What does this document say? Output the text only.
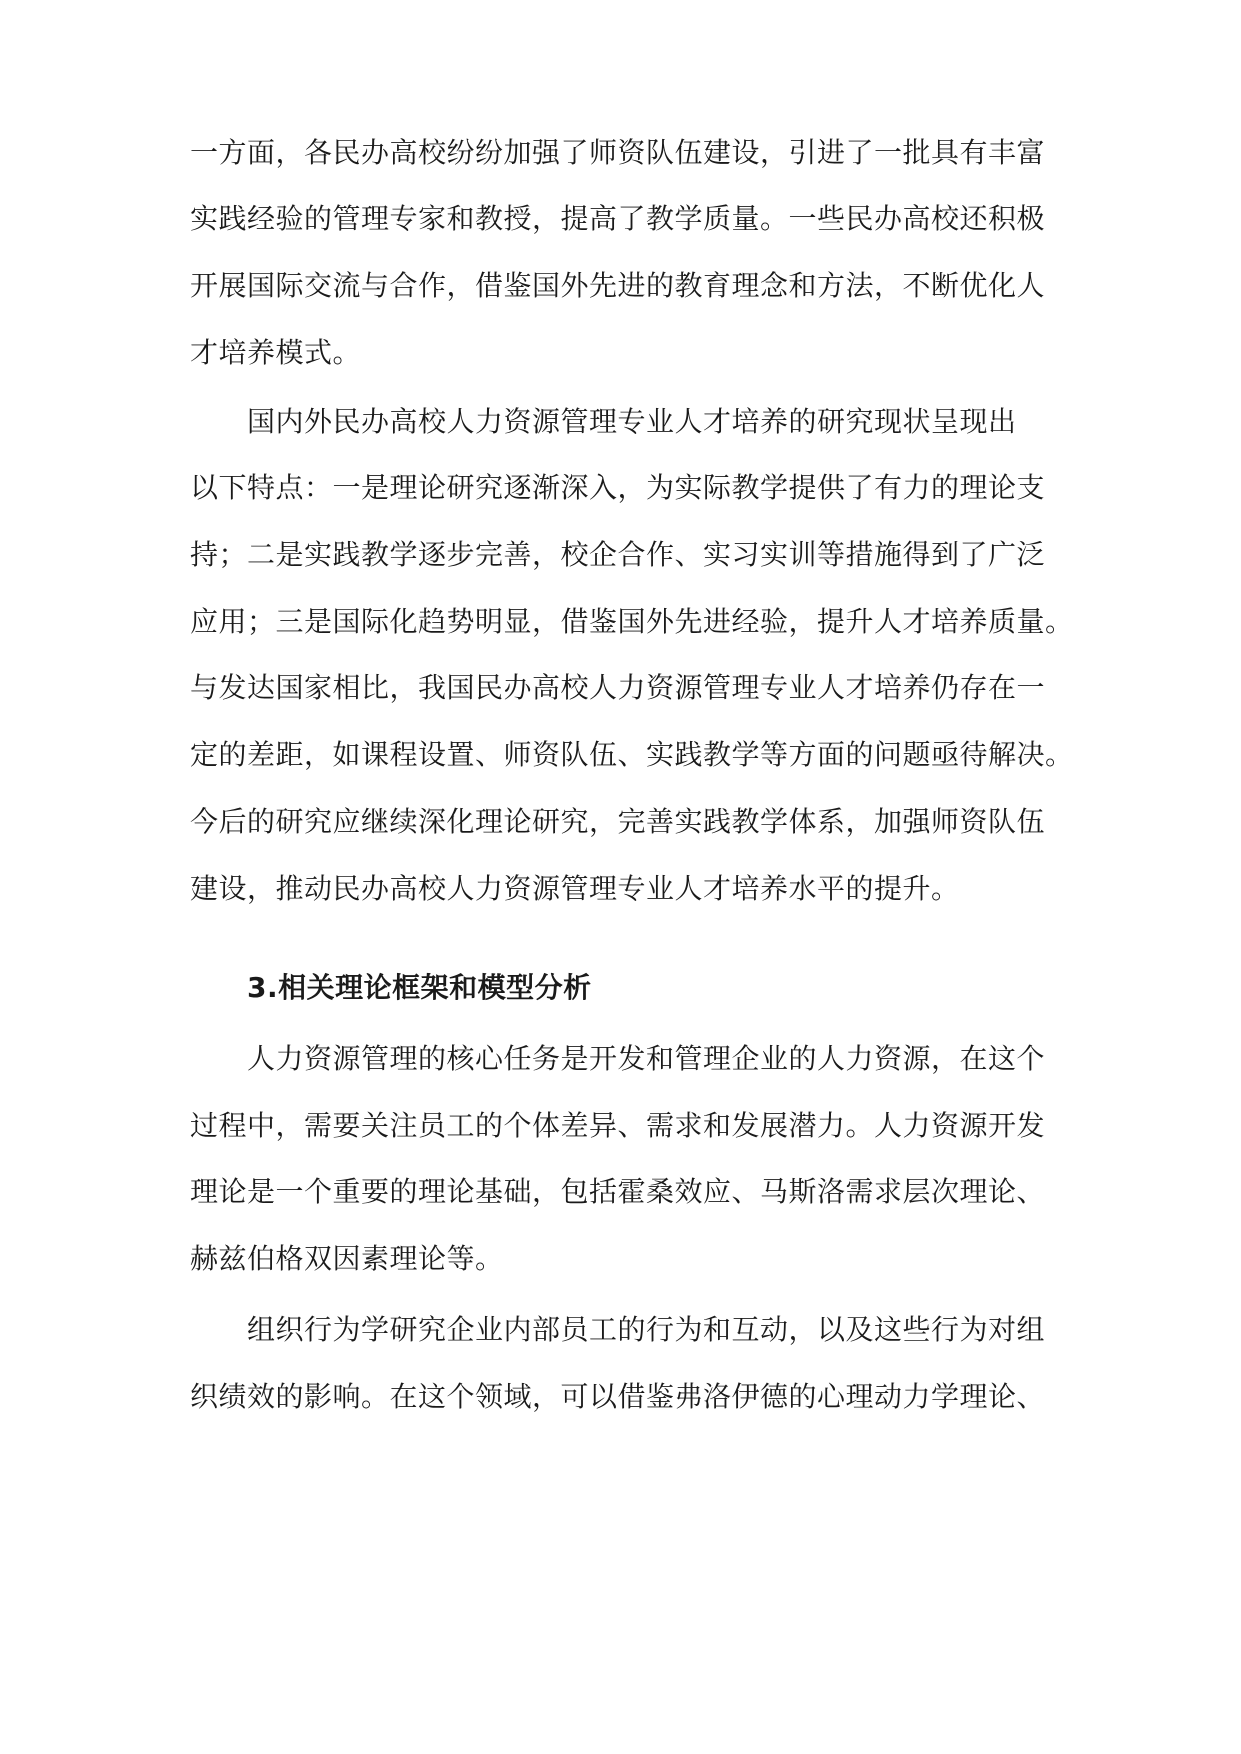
一方面，各民办高校纷纷加强了师资队伍建设，引进了一批具有丰富
实践经验的管理专家和教授，提高了教学质量。一些民办高校还积极
开展国际交流与合作，借鉴国外先进的教育理念和方法，不断优化人
才培养模式。
国内外民办高校人力资源管理专业人才培养的研究现状呈现出
以下特点：一是理论研究逐渐深入，为实际教学提供了有力的理论支
持；二是实践教学逐步完善，校企合作、实习实训等措施得到了广泛
应用；三是国际化趋势明显，借鉴国外先进经验，提升人才培养质量。
与发达国家相比，我国民办高校人力资源管理专业人才培养仍存在一
定的差距，如课程设置、师资队伍、实践教学等方面的问题亟待解决。
今后的研究应继续深化理论研究，完善实践教学体系，加强师资队伍
建设，推动民办高校人力资源管理专业人才培养水平的提升。
3.相关理论框架和模型分析
人力资源管理的核心任务是开发和管理企业的人力资源，在这个
过程中，需要关注员工的个体差异、需求和发展潜力。人力资源开发
理论是一个重要的理论基础，包括霍桑效应、马斯洛需求层次理论、
赫兹伯格双因素理论等。
组织行为学研究企业内部员工的行为和互动，以及这些行为对组
织绩效的影响。在这个领域，可以借鉴弗洛伊德的心理动力学理论、
